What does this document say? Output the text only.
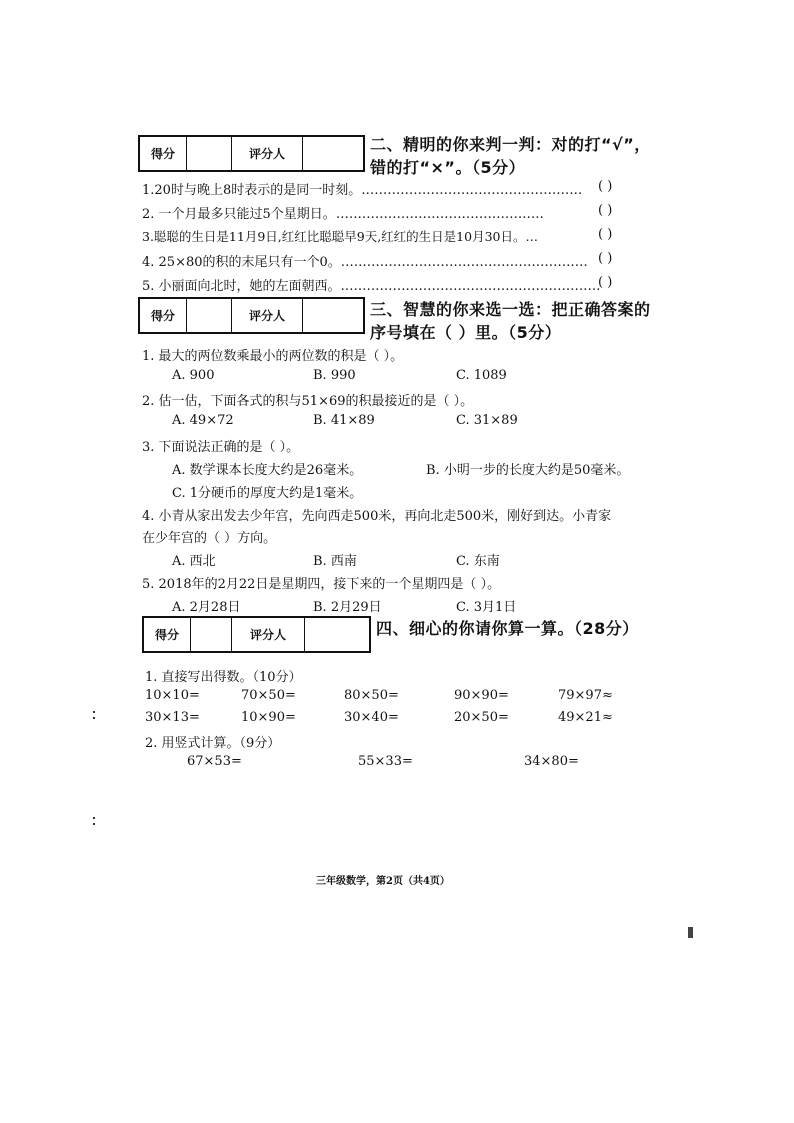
得分		评分人		二、精明的你来判一判：对的打“√”，
错的打“×”。（5分）
1.20时与晚上8时表示的是同一时刻。…………………………………………… ( )
2. 一个月最多只能过5个星期日。…………………………………………	( )
3.聪聪的生日是11月9日,红红比聪聪早9天,红红的生日是10月30日。…	( )
4. 25×80的积的末尾只有一个0。………………………………………………… ( )
5. 小丽面向北时，她的左面朝西。……………………………………………………
( )
得分		评分人		三、智慧的你来选一选：把正确答案的
序号填在（ ）里。（5分）
1. 最大的两位数乘最小的两位数的积是（ ）。
A. 900	B. 990	C. 1089
2. 估一估，下面各式的积与51×69的积最接近的是（ ）。
A. 49×72	B. 41×89	C. 31×89
3. 下面说法正确的是（ ）。
A. 数学课本长度大约是26毫米。	B. 小明一步的长度大约是50毫米。
C. 1分硬币的厚度大约是1毫米。
4. 小青从家出发去少年宫，先向西走500米，再向北走500米，刚好到达。小青家
在少年宫的（ ）方向。
A. 西北	B. 西南	C. 东南
5. 2018年的2月22日是星期四，接下来的一个星期四是（ ）。
A. 2月28日	B. 2月29日	C. 3月1日
得分		评分人		四、细心的你请你算一算。（28分）
1. 直接写出得数。（10分）
10×10=	70×50=	80×50=	90×90=	79×97≈
30×13=	10×90=	30×40=	20×50=	49×21≈
2. 用竖式计算。（9分）
67×53=	55×33=	34×80=
三年级数学，第2页（共4页）
